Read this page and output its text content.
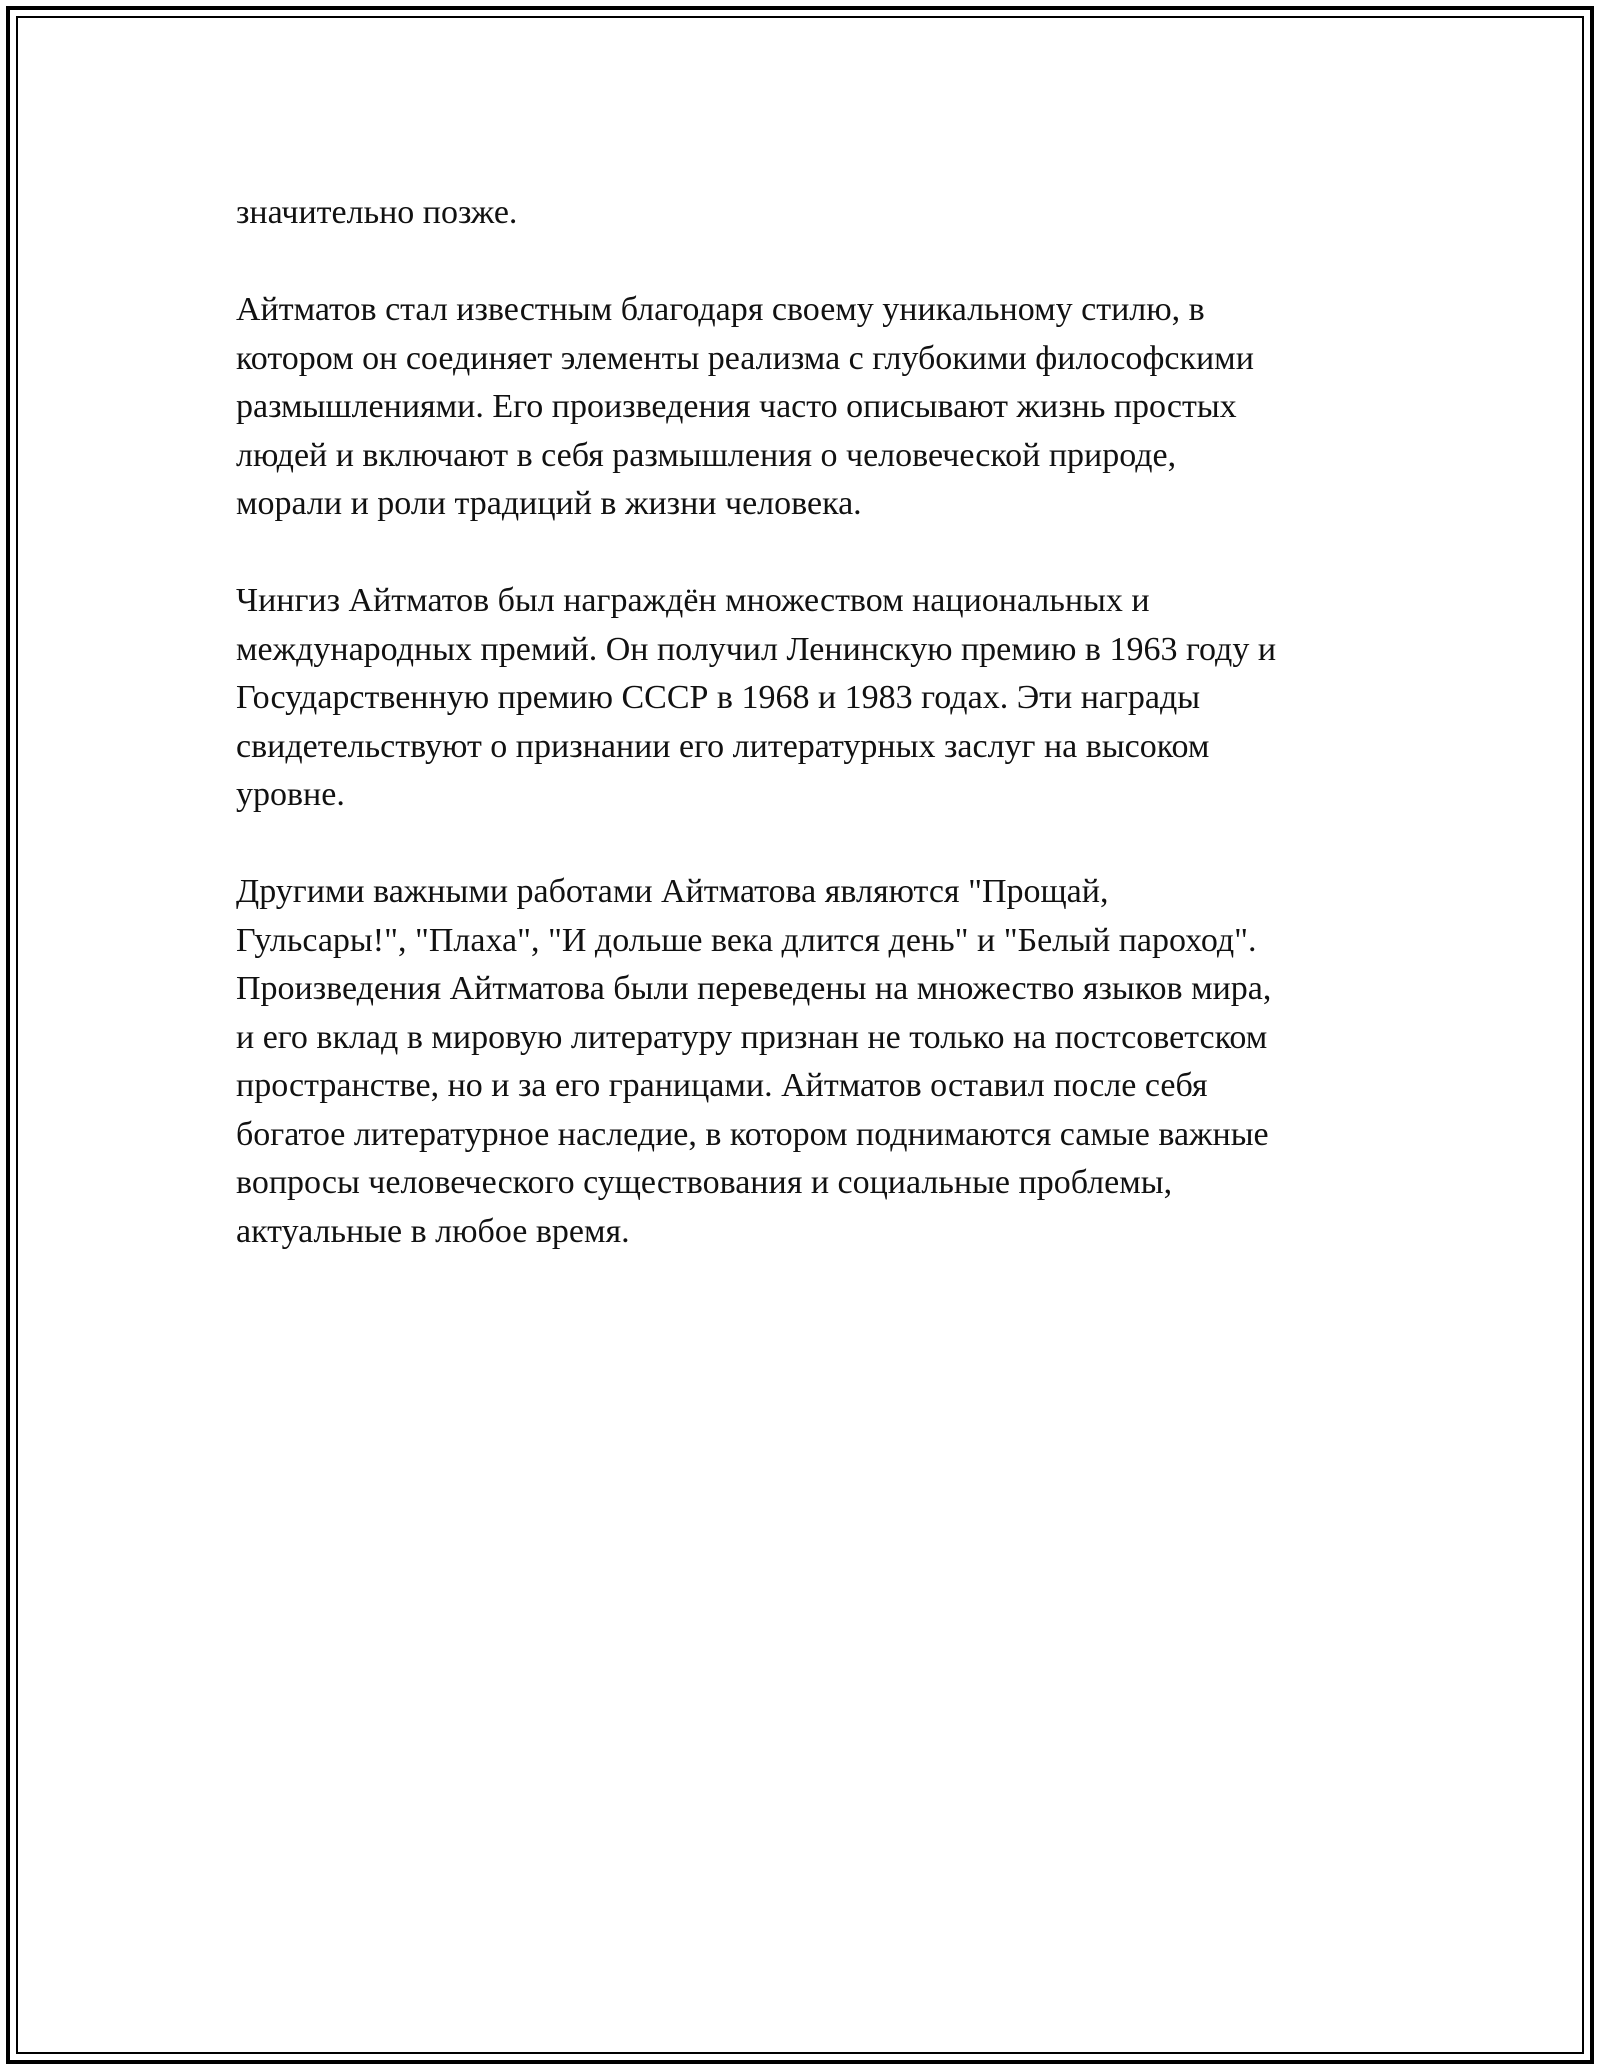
значительно позже.

Айтматов стал известным благодаря своему уникальному стилю, в
котором он соединяет элементы реализма с глубокими философскими
размышлениями. Его произведения часто описывают жизнь простых
людей и включают в себя размышления о человеческой природе,
морали и роли традиций в жизни человека.

Чингиз Айтматов был награждён множеством национальных и
международных премий. Он получил Ленинскую премию в 1963 году и
Государственную премию СССР в 1968 и 1983 годах. Эти награды
свидетельствуют о признании его литературных заслуг на высоком
уровне.

Другими важными работами Айтматова являются "Прощай,
Гульсары!", "Плаха", "И дольше века длится день" и "Белый пароход".
Произведения Айтматова были переведены на множество языков мира,
и его вклад в мировую литературу признан не только на постсоветском
пространстве, но и за его границами. Айтматов оставил после себя
богатое литературное наследие, в котором поднимаются самые важные
вопросы человеческого существования и социальные проблемы,
актуальные в любое время.
